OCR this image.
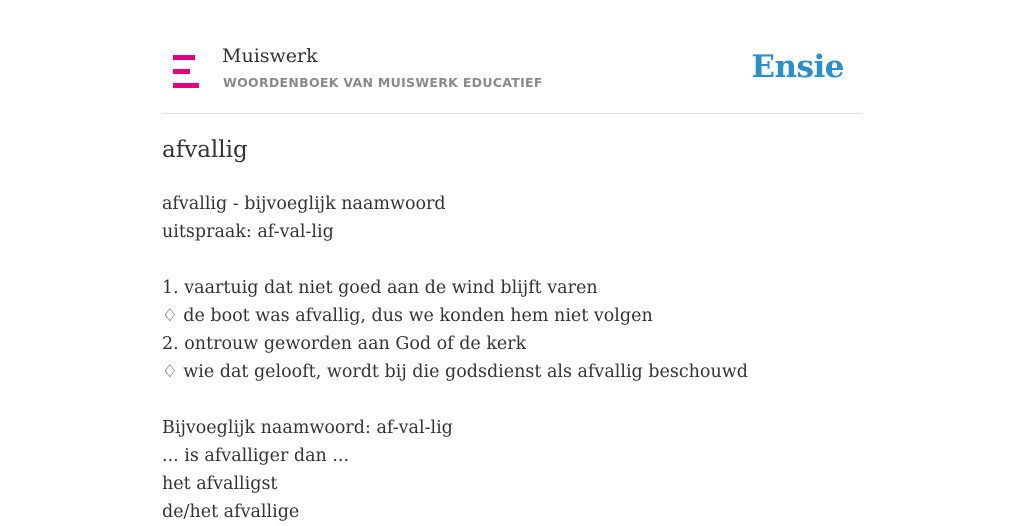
Muiswerk
WOORDENBOEK VAN MUISWERK EDUCATIEF	Ensie
afvallig
afvallig - bijvoeglijk naamwoord
uitspraak: af-val-lig
1. vaartuig dat niet goed aan de wind blijft varen
♢ de boot was afvallig, dus we konden hem niet volgen
2. ontrouw geworden aan God of de kerk
♢ wie dat gelooft, wordt bij die godsdienst als afvallig beschouwd
Bijvoeglijk naamwoord: af-val-lig
... is afvalliger dan ...
het afvalligst
de/het afvallige
